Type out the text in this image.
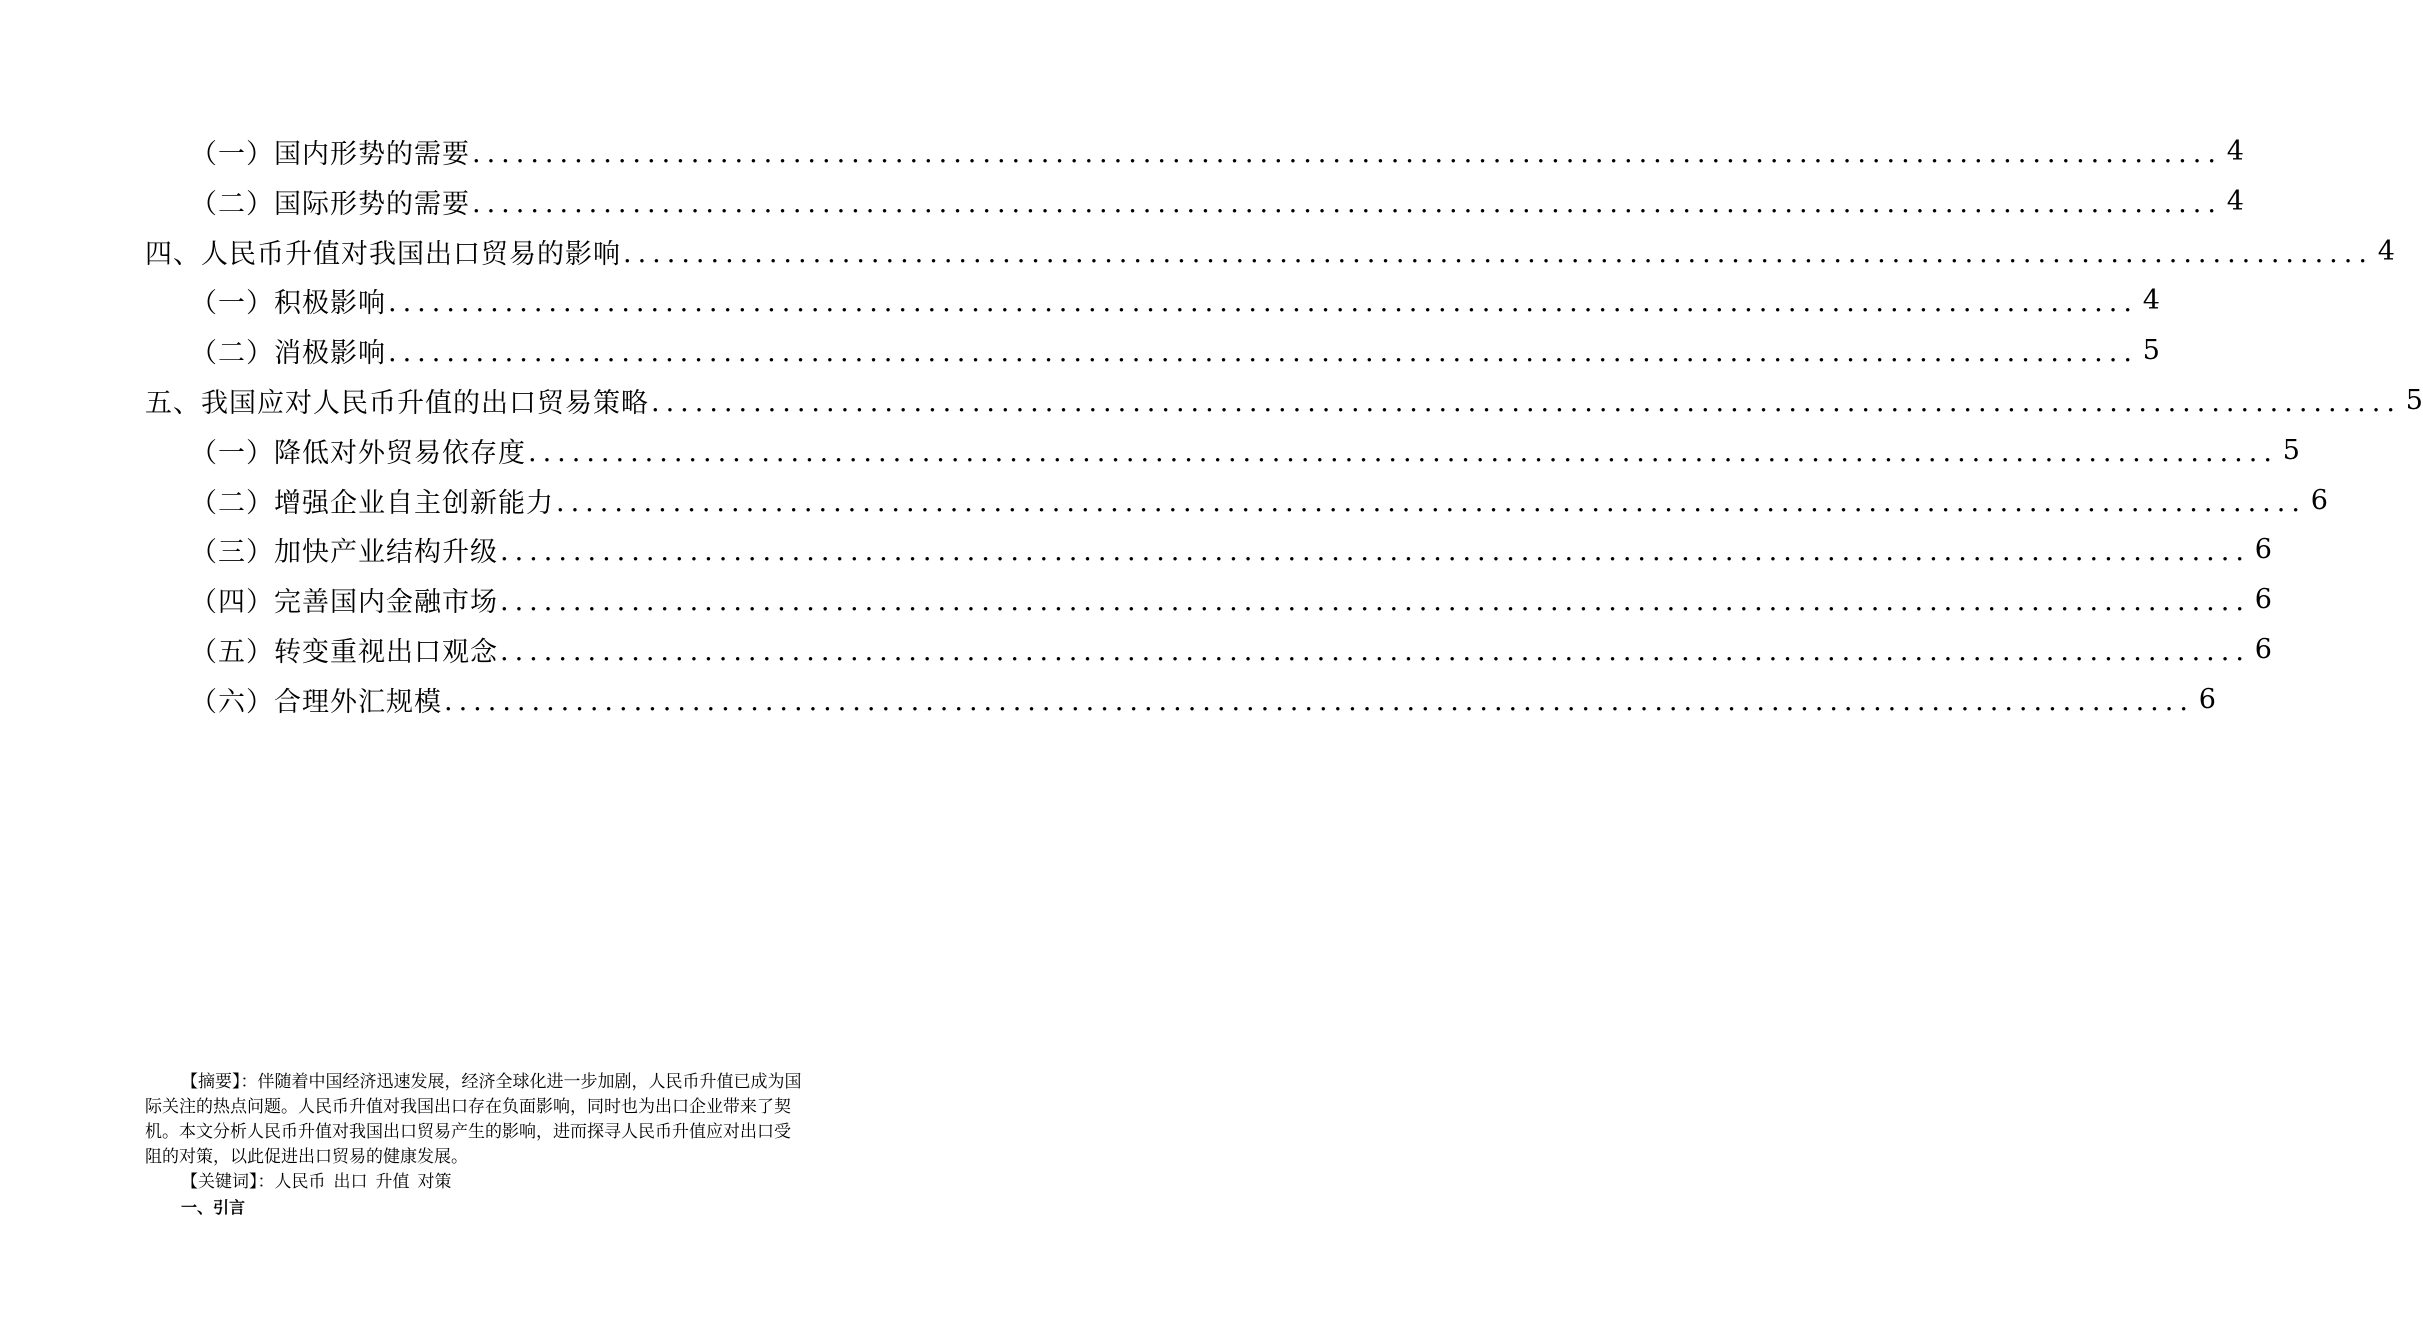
（一）国内形势的需要 ........................................................................................................................ 4
（二）国际形势的需要 ........................................................................................................................ 4
四、人民币升值对我国出口贸易的影响 ........................................................................................................................ 4
（一）积极影响 ........................................................................................................................ 4
（二）消极影响 ........................................................................................................................ 5
五、我国应对人民币升值的出口贸易策略 ........................................................................................................................ 5
（一）降低对外贸易依存度 ........................................................................................................................ 5
（二）增强企业自主创新能力 ........................................................................................................................ 6
（三）加快产业结构升级 ........................................................................................................................ 6
（四）完善国内金融市场 ........................................................................................................................ 6
（五）转变重视出口观念 ........................................................................................................................ 6
（六）合理外汇规模 ........................................................................................................................ 6

【摘要】：伴随着中国经济迅速发展，经济全球化进一步加剧，人民币升值已成为国际关注的热点问题。人民币升值对我国出口存在负面影响，同时也为出口企业带来了契机。本文分析人民币升值对我国出口贸易产生的影响，进而探寻人民币升值应对出口受阻的对策，以此促进出口贸易的健康发展。

【关键词】：人民币 出口 升值 对策

一、引言
